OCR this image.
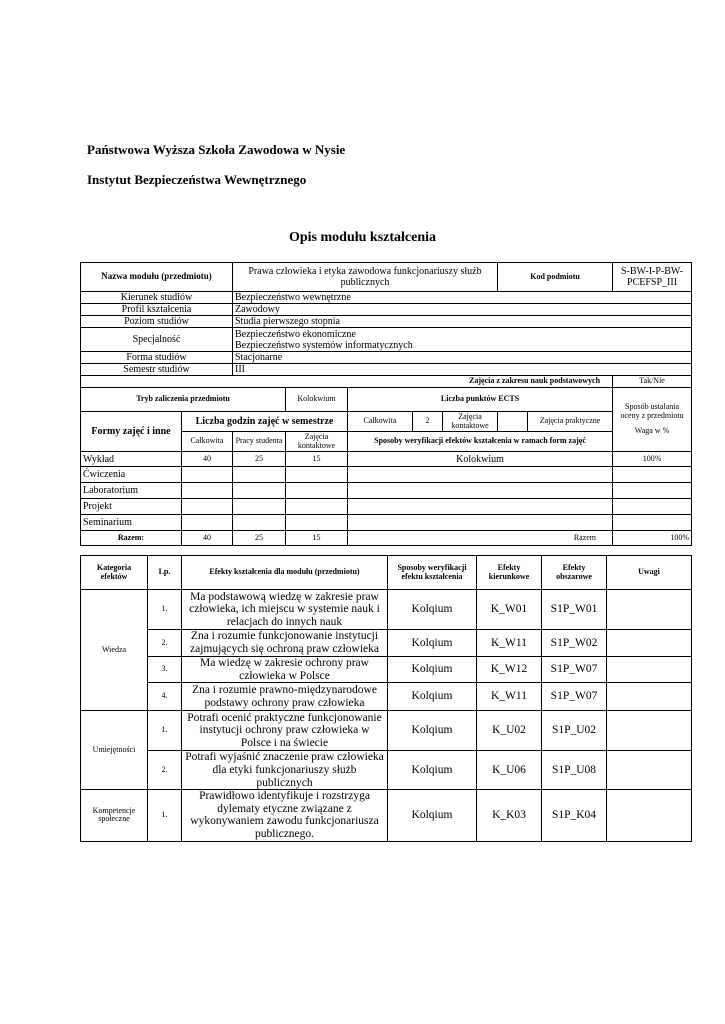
Państwowa Wyższa Szkoła Zawodowa w Nysie
Instytut Bezpieczeństwa Wewnętrznego
Opis modułu kształcenia
Nazwa modułu (przedmiotu)		Prawa człowieka i etyka zawodowa funkcjonariuszy służb publicznych					Kod podmiotu		S-BW-I-P-BW-PCEFSP_III
Kierunek studiów		Bezpieczeństwo wewnętrzne							
Profil kształcenia		Zawodowy							
Poziom studiów		Studia pierwszego stopnia							
Specjalność		Bezpieczeństwo ekonomiczne
Bezpieczeństwo systemów informatycznych							

Forma studiów		Stacjonarne							
Semestr studiów		III							
Zajęcia z zakresu nauk podstawowych									Tak/Nie
Tryb zaliczenia przedmiotu			Kolokwium	Liczba punktów ECTS					Sposób ustalania oceny z przedmiotu
Waga w %

Formy zajęć i inne	Liczba godzin zajęć w semestrze			Całkowita	2	Zajęcia kontaktowe		Zajęcia praktyczne	
	Całkowita	Pracy studenta	Zajęcia kontaktowe	Sposoby weryfikacji efektów kształcenia w ramach form zajęć					
Wykład	40	25	15	Kolokwium					100%
Ćwiczenia									
Laboratorium									
Projekt									
Seminarium									
Razem:	40	25	15	Razem					100%
Kategoria efektów	Lp.	Efekty kształcenia dla modułu (przedmiotu)	Sposoby weryfikacji efektu kształcenia	Efekty kierunkowe	Efekty obszarowe	Uwagi
Wiedza	1.	Ma podstawową wiedzę w zakresie praw człowieka, ich miejscu w systemie nauk i relacjach do innych nauk	Kolqium	K_W01	S1P_W01	
	2.	Zna i rozumie funkcjonowanie instytucji zajmujących się ochroną praw człowieka	Kolqium	K_W11	S1P_W02	
	3.	Ma wiedzę w zakresie ochrony praw człowieka w Polsce	Kolqium	K_W12	S1P_W07	
	4.	Zna i rozumie prawno-międzynarodowe podstawy ochrony praw człowieka	Kolqium	K_W11	S1P_W07	
Umiejętności	1.	Potrafi ocenić praktyczne funkcjonowanie instytucji ochrony praw człowieka w Polsce i na świecie	Kolqium	K_U02	S1P_U02	
	2.	Potrafi wyjaśnić znaczenie praw człowieka dla etyki funkcjonariuszy służb publicznych	Kolqium	K_U06	S1P_U08	
Kompetencje społeczne	1.	Prawidłowo identyfikuje i rozstrzyga dylematy etyczne związane z wykonywaniem zawodu funkcjonariusza publicznego.	Kolqium	K_K03	S1P_K04	
